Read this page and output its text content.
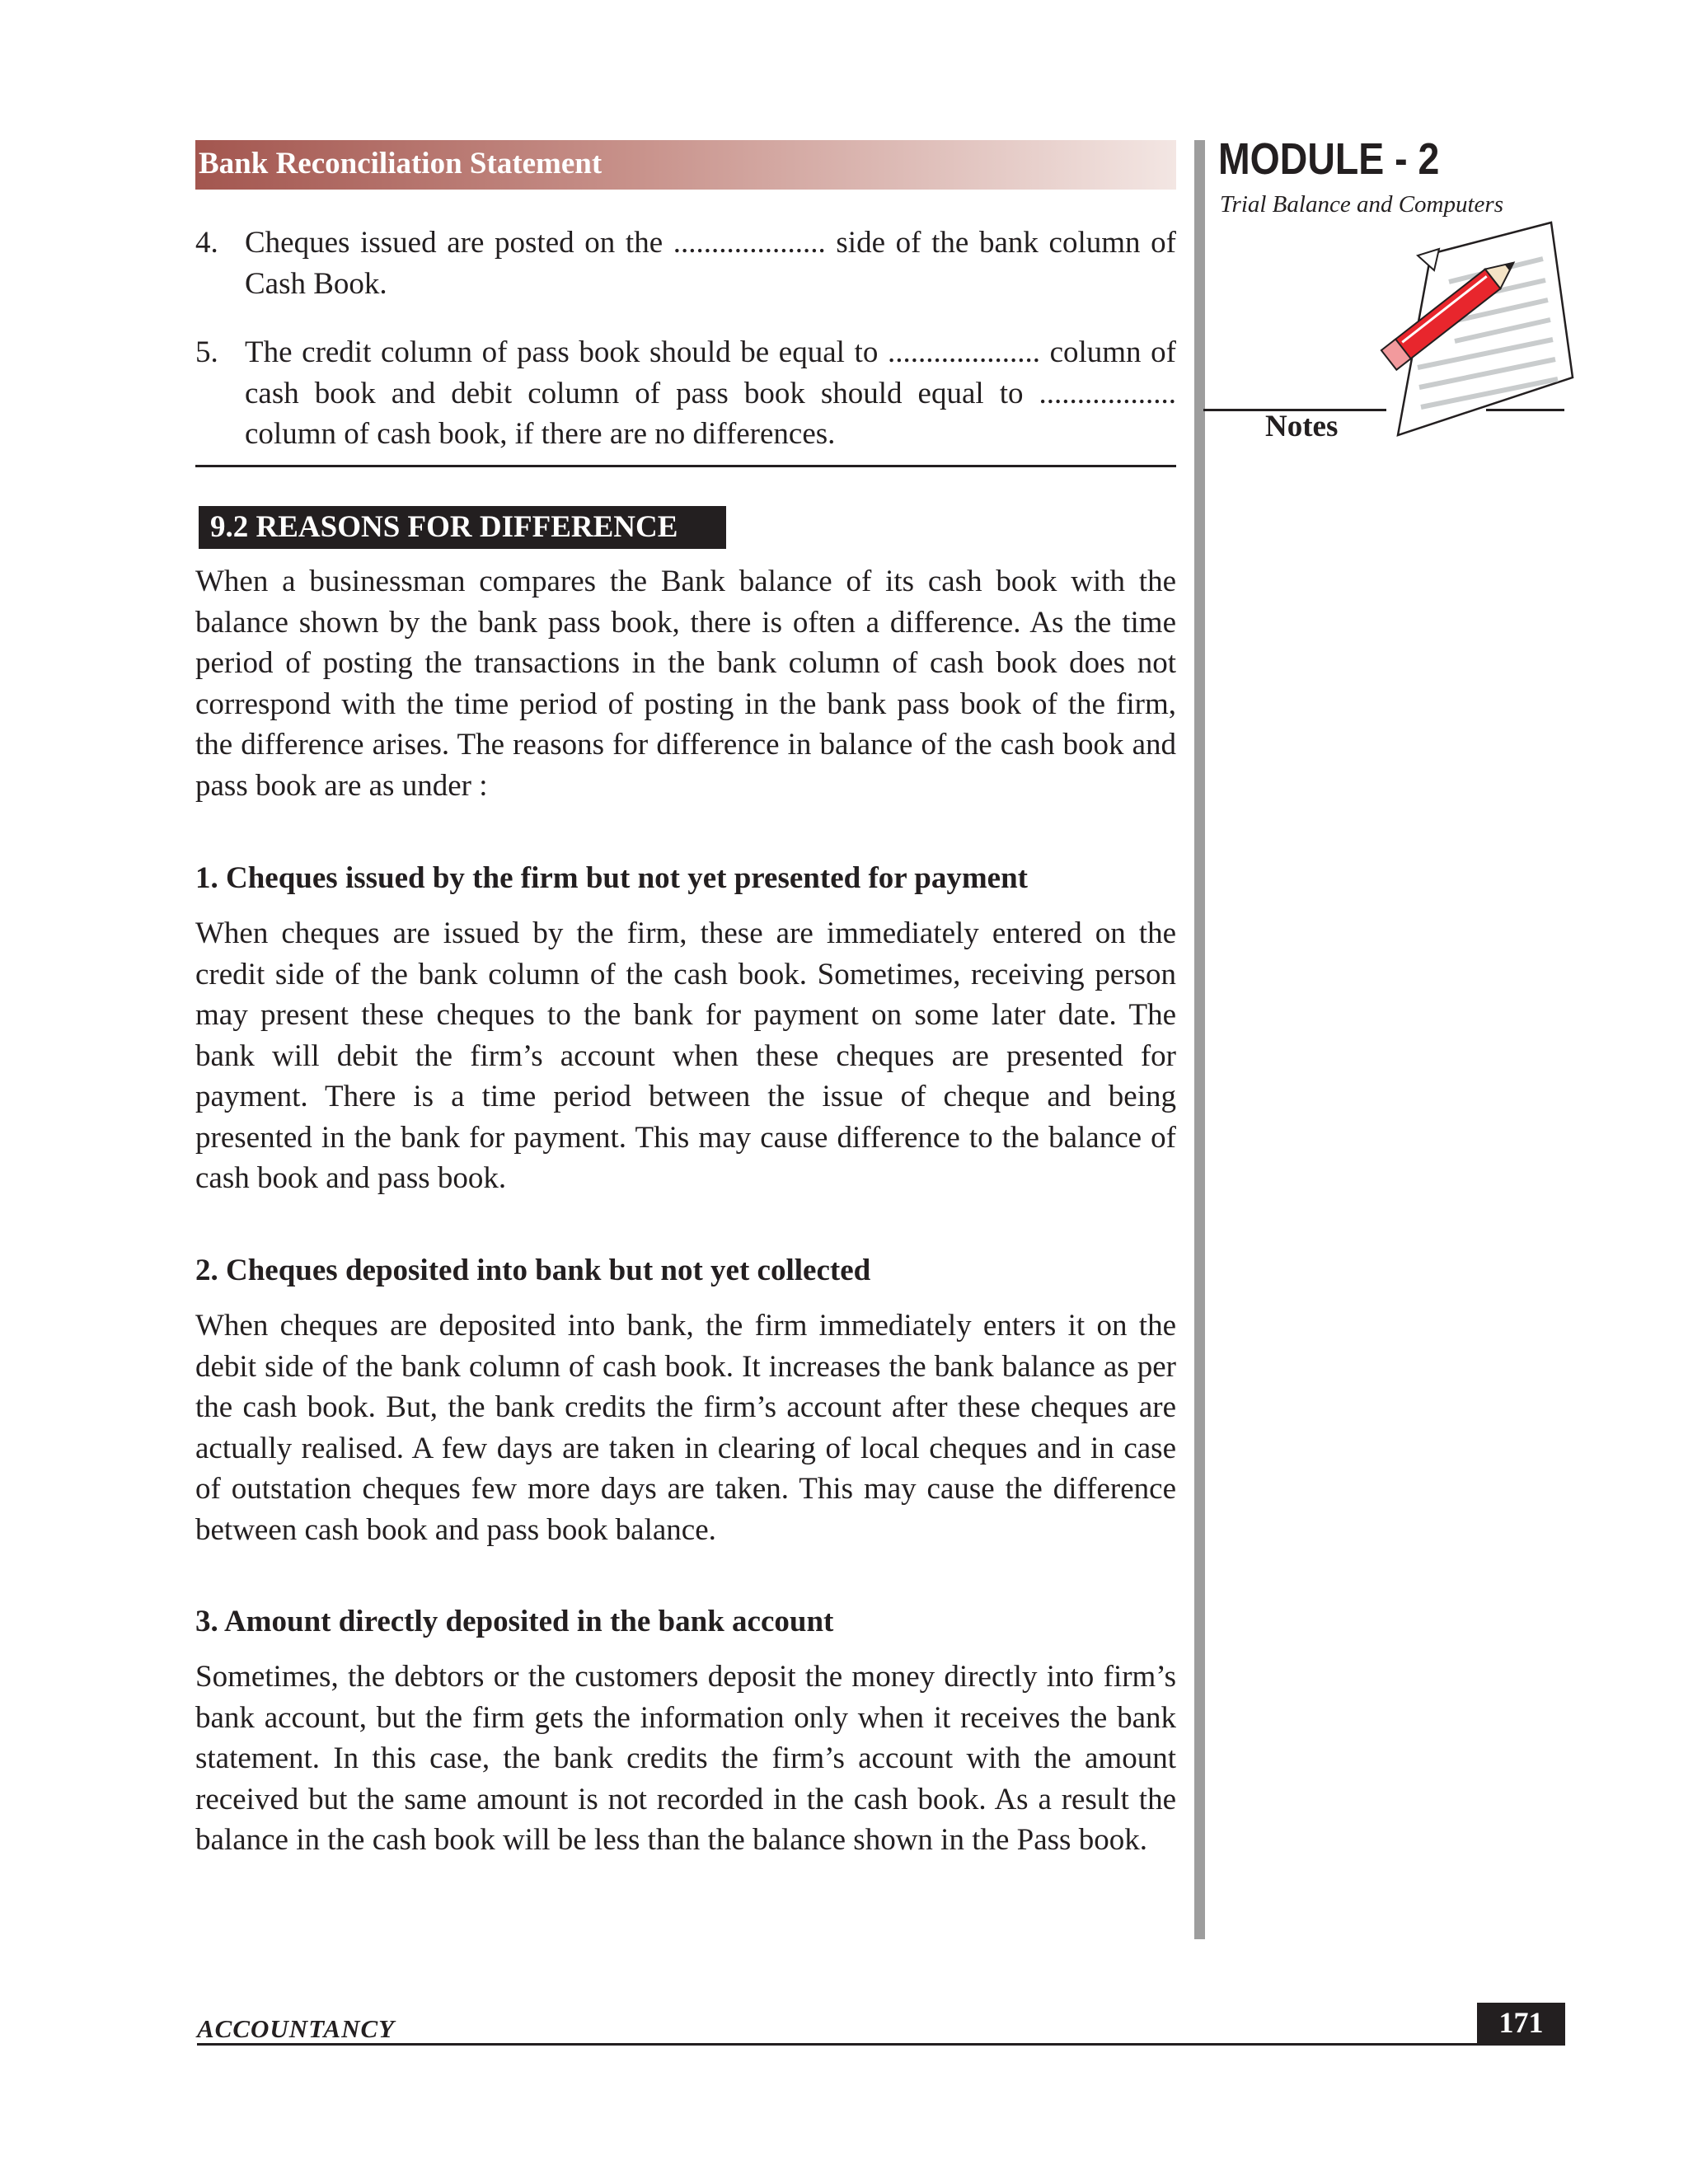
Bank Reconciliation Statement	MODULE - 2
Trial Balance and Computers
Notes
4. Cheques issued are posted on the .................... side of the bank column of Cash Book.
5. The credit column of pass book should be equal to .................... column of cash book and debit column of pass book should equal to .................. column of cash book, if there are no differences.
9.2 REASONS FOR DIFFERENCE
When a businessman compares the Bank balance of its cash book with the balance shown by the bank pass book, there is often a difference. As the time period of posting the transactions in the bank column of cash book does not correspond with the time period of posting in the bank pass book of the firm, the difference arises. The reasons for difference in balance of the cash book and pass book are as under :
1. Cheques issued by the firm but not yet presented for payment
When cheques are issued by the firm, these are immediately entered on the credit side of the bank column of the cash book. Sometimes, receiving person may present these cheques to the bank for payment on some later date. The bank will debit the firm’s account when these cheques are presented for payment. There is a time period between the issue of cheque and being presented in the bank for payment. This may cause difference to the balance of cash book and pass book.
2. Cheques deposited into bank but not yet collected
When cheques are deposited into bank, the firm immediately enters it on the debit side of the bank column of cash book. It increases the bank balance as per the cash book. But, the bank credits the firm’s account after these cheques are actually realised. A few days are taken in clearing of local cheques and in case of outstation cheques few more days are taken. This may cause the difference between cash book and pass book balance.
3. Amount directly deposited in the bank account
Sometimes, the debtors or the customers deposit the money directly into firm’s bank account, but the firm gets the information only when it receives the bank statement. In this case, the bank credits the firm’s account with the amount received but the same amount is not recorded in the cash book. As a result the balance in the cash book will be less than the balance shown in the Pass book.
ACCOUNTANCY	171
